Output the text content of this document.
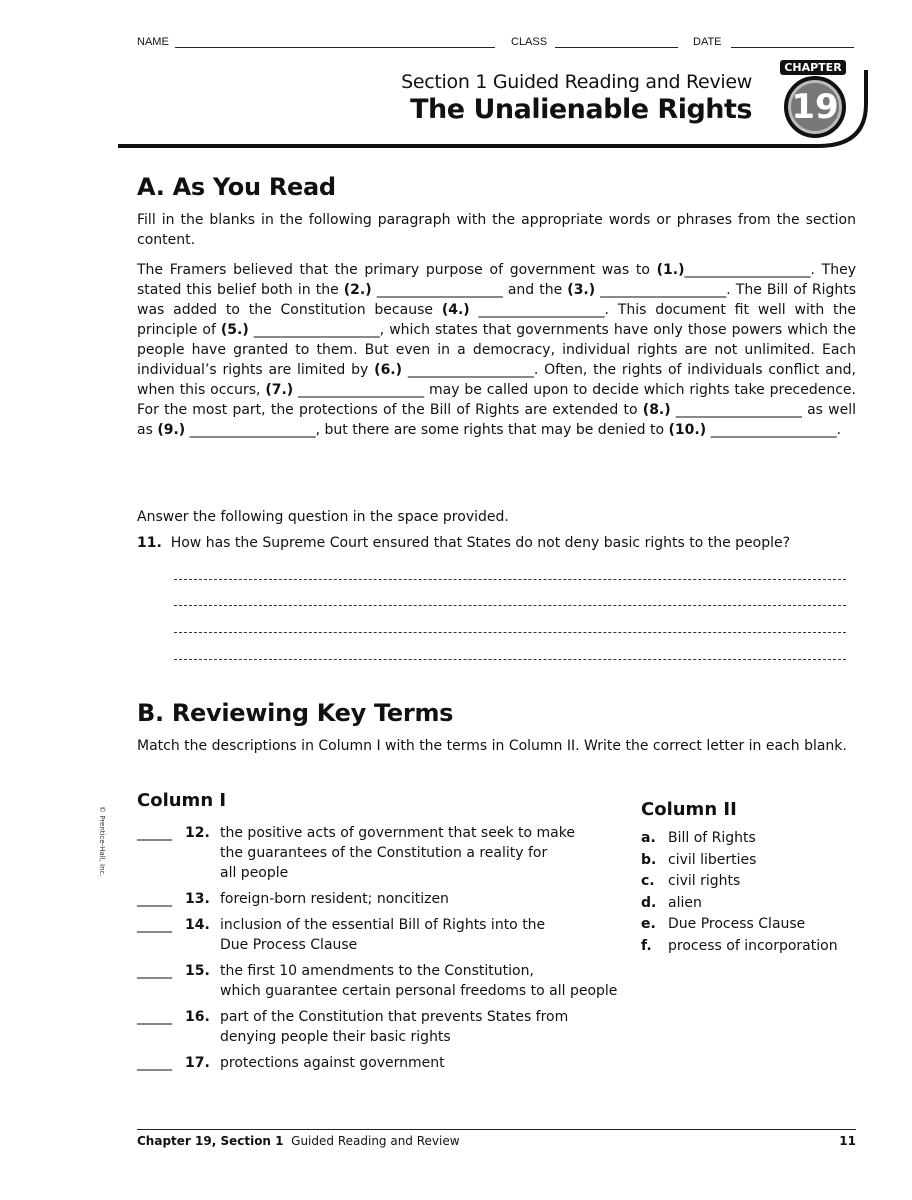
NAME	CLASS	DATE
Section 1 Guided Reading and Review
The Unalienable Rights
CHAPTER
19
A. As You Read
Fill in the blanks in the following paragraph with the appropriate words or phrases from the section content.
The Framers believed that the primary purpose of government was to (1.)__________________. They stated this belief both in the (2.) __________________ and the (3.) __________________. The Bill of Rights was added to the Constitution because (4.) __________________. This document fit well with the principle of (5.) __________________, which states that governments have only those powers which the people have granted to them. But even in a democracy, individual rights are not unlimited. Each individual’s rights are limited by (6.) __________________. Often, the rights of individuals conflict and, when this occurs, (7.) __________________ may be called upon to decide which rights take precedence. For the most part, the protections of the Bill of Rights are extended to (8.) __________________ as well as (9.) __________________, but there are some rights that may be denied to (10.) __________________.
Answer the following question in the space provided.
11. How has the Supreme Court ensured that States do not deny basic rights to the people?
B. Reviewing Key Terms
Match the descriptions in Column I with the terms in Column II. Write the correct letter in each blank.
Column I	Column II
_____ 12. the positive acts of government that seek to make
the guarantees of the Constitution a reality for
all people
_____ 13. foreign-born resident; noncitizen
_____ 14. inclusion of the essential Bill of Rights into the
Due Process Clause
_____ 15. the first 10 amendments to the Constitution,
which guarantee certain personal freedoms to all people
_____ 16. part of the Constitution that prevents States from
denying people their basic rights
_____ 17. protections against government
a. Bill of Rights
b. civil liberties
c. civil rights
d. alien
e. Due Process Clause
f. process of incorporation
© Prentice-Hall, Inc.
Chapter 19, Section 1 Guided Reading and Review	11
